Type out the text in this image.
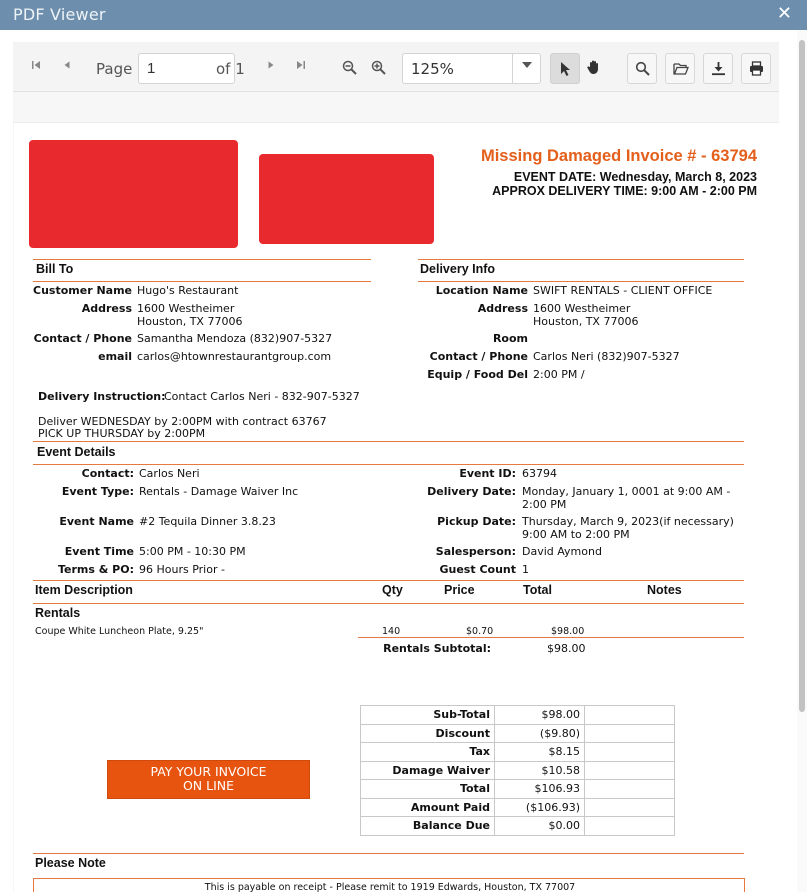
PDF Viewer	✕
Page
1	of 1	125%
Missing Damaged Invoice # - 63794
EVENT DATE: Wednesday, March 8, 2023
APPROX DELIVERY TIME: 9:00 AM - 2:00 PM
Bill To
Customer Name Hugo's Restaurant
Address 1600 Westheimer
Houston, TX 77006
Contact / Phone Samantha Mendoza (832)907-5327
email carlos@htownrestaurantgroup.com
Delivery Info
Location Name SWIFT RENTALS - CLIENT OFFICE
Address 1600 Westheimer
Houston, TX 77006
Room
Contact / Phone Carlos Neri (832)907-5327
Equip / Food Del 2:00 PM /
Delivery Instruction:
Contact Carlos Neri - 832-907-5327
Deliver WEDNESDAY by 2:00PM with contract 63767
PICK UP THURSDAY by 2:00PM
Event Details
Contact: Carlos Neri
Event Type: Rentals - Damage Waiver Inc
Event Name #2 Tequila Dinner 3.8.23
Event Time 5:00 PM - 10:30 PM
Terms & PO: 96 Hours Prior -
Event ID: 63794
Delivery Date: Monday, January 1, 0001 at 9:00 AM - 2:00 PM
Pickup Date: Thursday, March 9, 2023(if necessary)
9:00 AM to 2:00 PM
Salesperson: David Aymond
Guest Count 1
Item Description	Qty	Price	Total	Notes
Rentals
Coupe White Luncheon Plate, 9.25"	140	$0.70	$98.00
Rentals Subtotal:	$98.00
Sub-Total	$98.00	
Discount	($9.80)	
Tax	$8.15	
Damage Waiver	$10.58	
Total	$106.93	
Amount Paid	($106.93)	
Balance Due	$0.00	
PAY YOUR INVOICE
ON LINE
Please Note
This is payable on receipt - Please remit to 1919 Edwards, Houston, TX 77007
